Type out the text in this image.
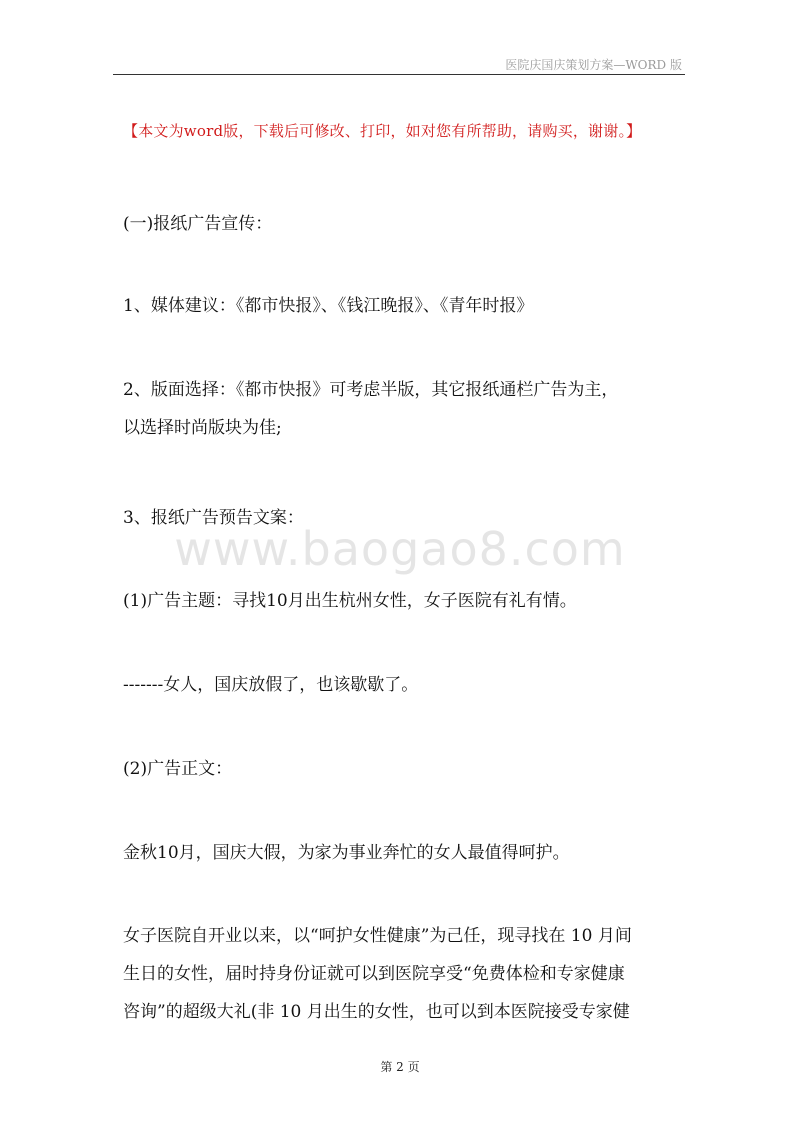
医院庆国庆策划方案—WORD 版
【本文为word版，下载后可修改、打印，如对您有所帮助，请购买，谢谢。】
(一)报纸广告宣传：
1、媒体建议：《都市快报》、《钱江晚报》、《青年时报》
2、版面选择：《都市快报》可考虑半版，其它报纸通栏广告为主，
以选择时尚版块为佳;
3、报纸广告预告文案：
www.baogao8.com
(1)广告主题：寻找10月出生杭州女性，女子医院有礼有情。
-------女人，国庆放假了，也该歇歇了。
(2)广告正文：
金秋10月，国庆大假，为家为事业奔忙的女人最值得呵护。
女子医院自开业以来，以“呵护女性健康”为己任，现寻找在 10 月间
生日的女性，届时持身份证就可以到医院享受“免费体检和专家健康
咨询”的超级大礼(非 10 月出生的女性，也可以到本医院接受专家健
第 2 页
